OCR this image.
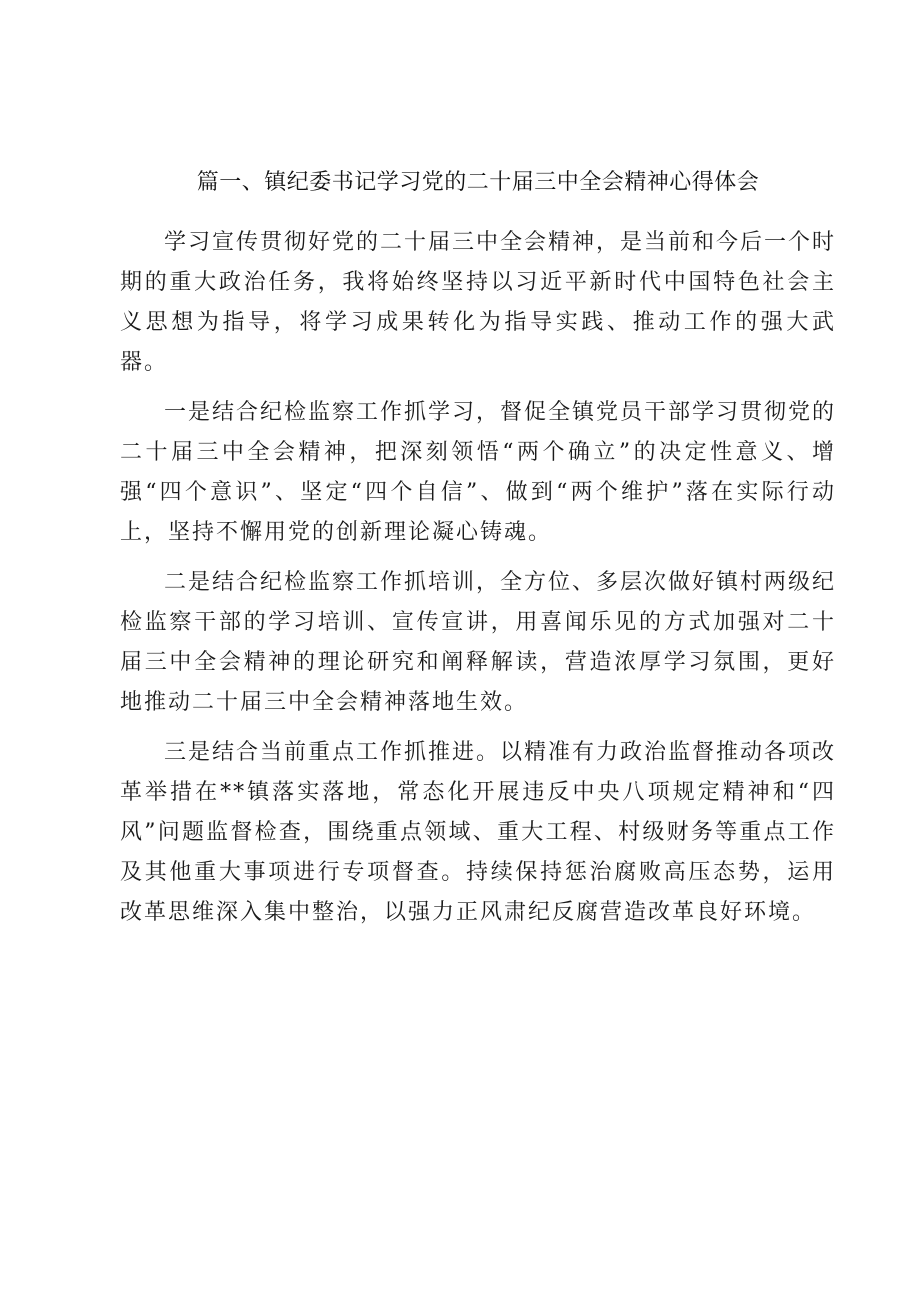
篇一、镇纪委书记学习党的二十届三中全会精神心得体会

学习宣传贯彻好党的二十届三中全会精神，是当前和今后一个时期的重大政治任务，我将始终坚持以习近平新时代中国特色社会主义思想为指导，将学习成果转化为指导实践、推动工作的强大武器。

一是结合纪检监察工作抓学习，督促全镇党员干部学习贯彻党的二十届三中全会精神，把深刻领悟“两个确立”的决定性意义、增强“四个意识”、坚定“四个自信”、做到“两个维护”落在实际行动上，坚持不懈用党的创新理论凝心铸魂。

二是结合纪检监察工作抓培训，全方位、多层次做好镇村两级纪检监察干部的学习培训、宣传宣讲，用喜闻乐见的方式加强对二十届三中全会精神的理论研究和阐释解读，营造浓厚学习氛围，更好地推动二十届三中全会精神落地生效。

三是结合当前重点工作抓推进。以精准有力政治监督推动各项改革举措在**镇落实落地，常态化开展违反中央八项规定精神和“四风”问题监督检查，围绕重点领域、重大工程、村级财务等重点工作及其他重大事项进行专项督查。持续保持惩治腐败高压态势，运用改革思维深入集中整治，以强力正风肃纪反腐营造改革良好环境。
